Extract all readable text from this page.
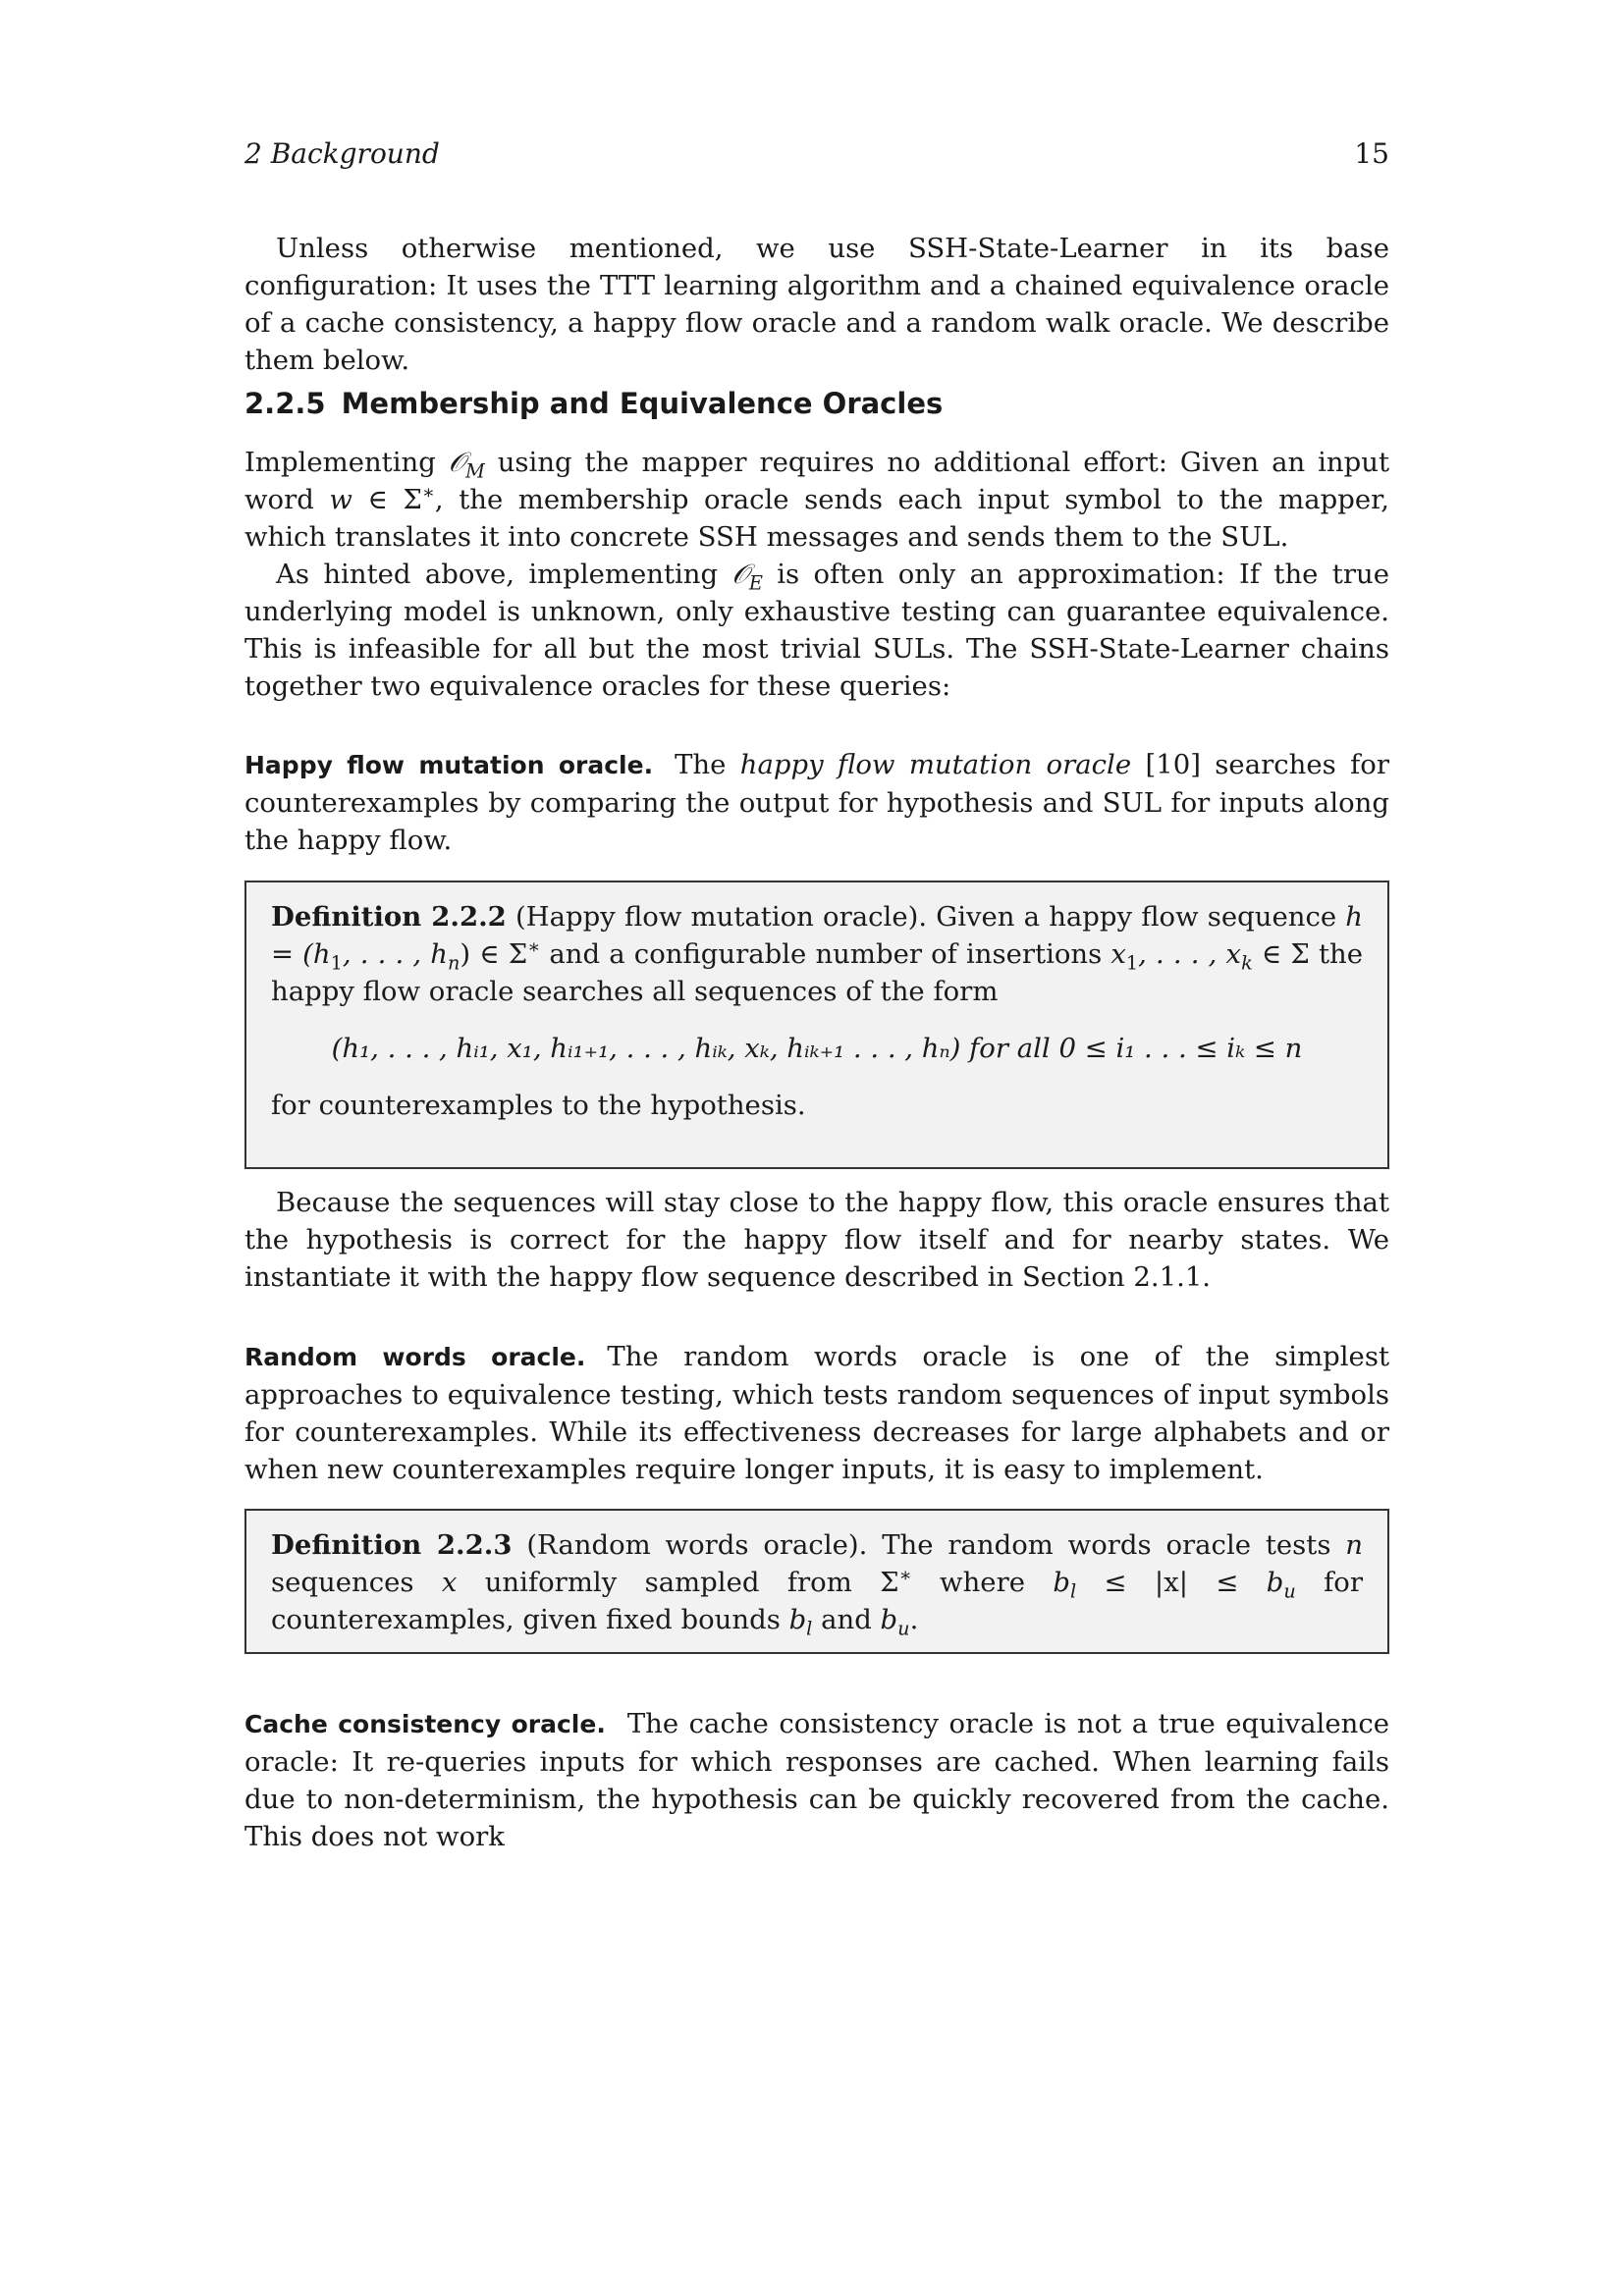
2 Background	15

Unless otherwise mentioned, we use SSH-State-Learner in its base configuration: It uses the TTT learning algorithm and a chained equivalence oracle of a cache consistency, a happy flow oracle and a random walk oracle. We describe them below.

2.2.5 Membership and Equivalence Oracles

Implementing 𝒪$_M$ using the mapper requires no additional effort: Given an input word w ∈ Σ∗, the membership oracle sends each input symbol to the mapper, which translates it into concrete SSH messages and sends them to the SUL.

As hinted above, implementing 𝒪$_E$ is often only an approximation: If the true underlying model is unknown, only exhaustive testing can guarantee equivalence. This is infeasible for all but the most trivial SULs. The SSH-State-Learner chains together two equivalence oracles for these queries:

Happy flow mutation oracle. The happy flow mutation oracle [10] searches for counterexamples by comparing the output for hypothesis and SUL for inputs along the happy flow.

Definition 2.2.2 (Happy flow mutation oracle). Given a happy flow sequence $h = (h_1$, . . . , $h_n$) ∈ Σ∗ and a configurable number of insertions $x_1$, . . . , $x_k$ ∈ Σ the happy flow oracle searches all sequences of the form

(h₁, . . . , hᵢ₁, x₁, hᵢ₁₊₁, . . . , hᵢₖ, xₖ, hᵢₖ₊₁ . . . , hₙ) for all 0 ≤ i₁ . . . ≤ iₖ ≤ n

for counterexamples to the hypothesis.

Because the sequences will stay close to the happy flow, this oracle ensures that the hypothesis is correct for the happy flow itself and for nearby states. We instantiate it with the happy flow sequence described in Section 2.1.1.

Random words oracle. The random words oracle is one of the simplest approaches to equivalence testing, which tests random sequences of input symbols for counterexamples. While its effectiveness decreases for large alphabets and or when new counterexamples require longer inputs, it is easy to implement.

Definition 2.2.3 (Random words oracle). The random words oracle tests n sequences x uniformly sampled from Σ∗ where $b_l \le |x| \le b_u$ for counterexamples, given fixed bounds $b_l$ and $b_u$.

Cache consistency oracle. The cache consistency oracle is not a true equivalence oracle: It re-queries inputs for which responses are cached. When learning fails due to non-determinism, the hypothesis can be quickly recovered from the cache. This does not work
